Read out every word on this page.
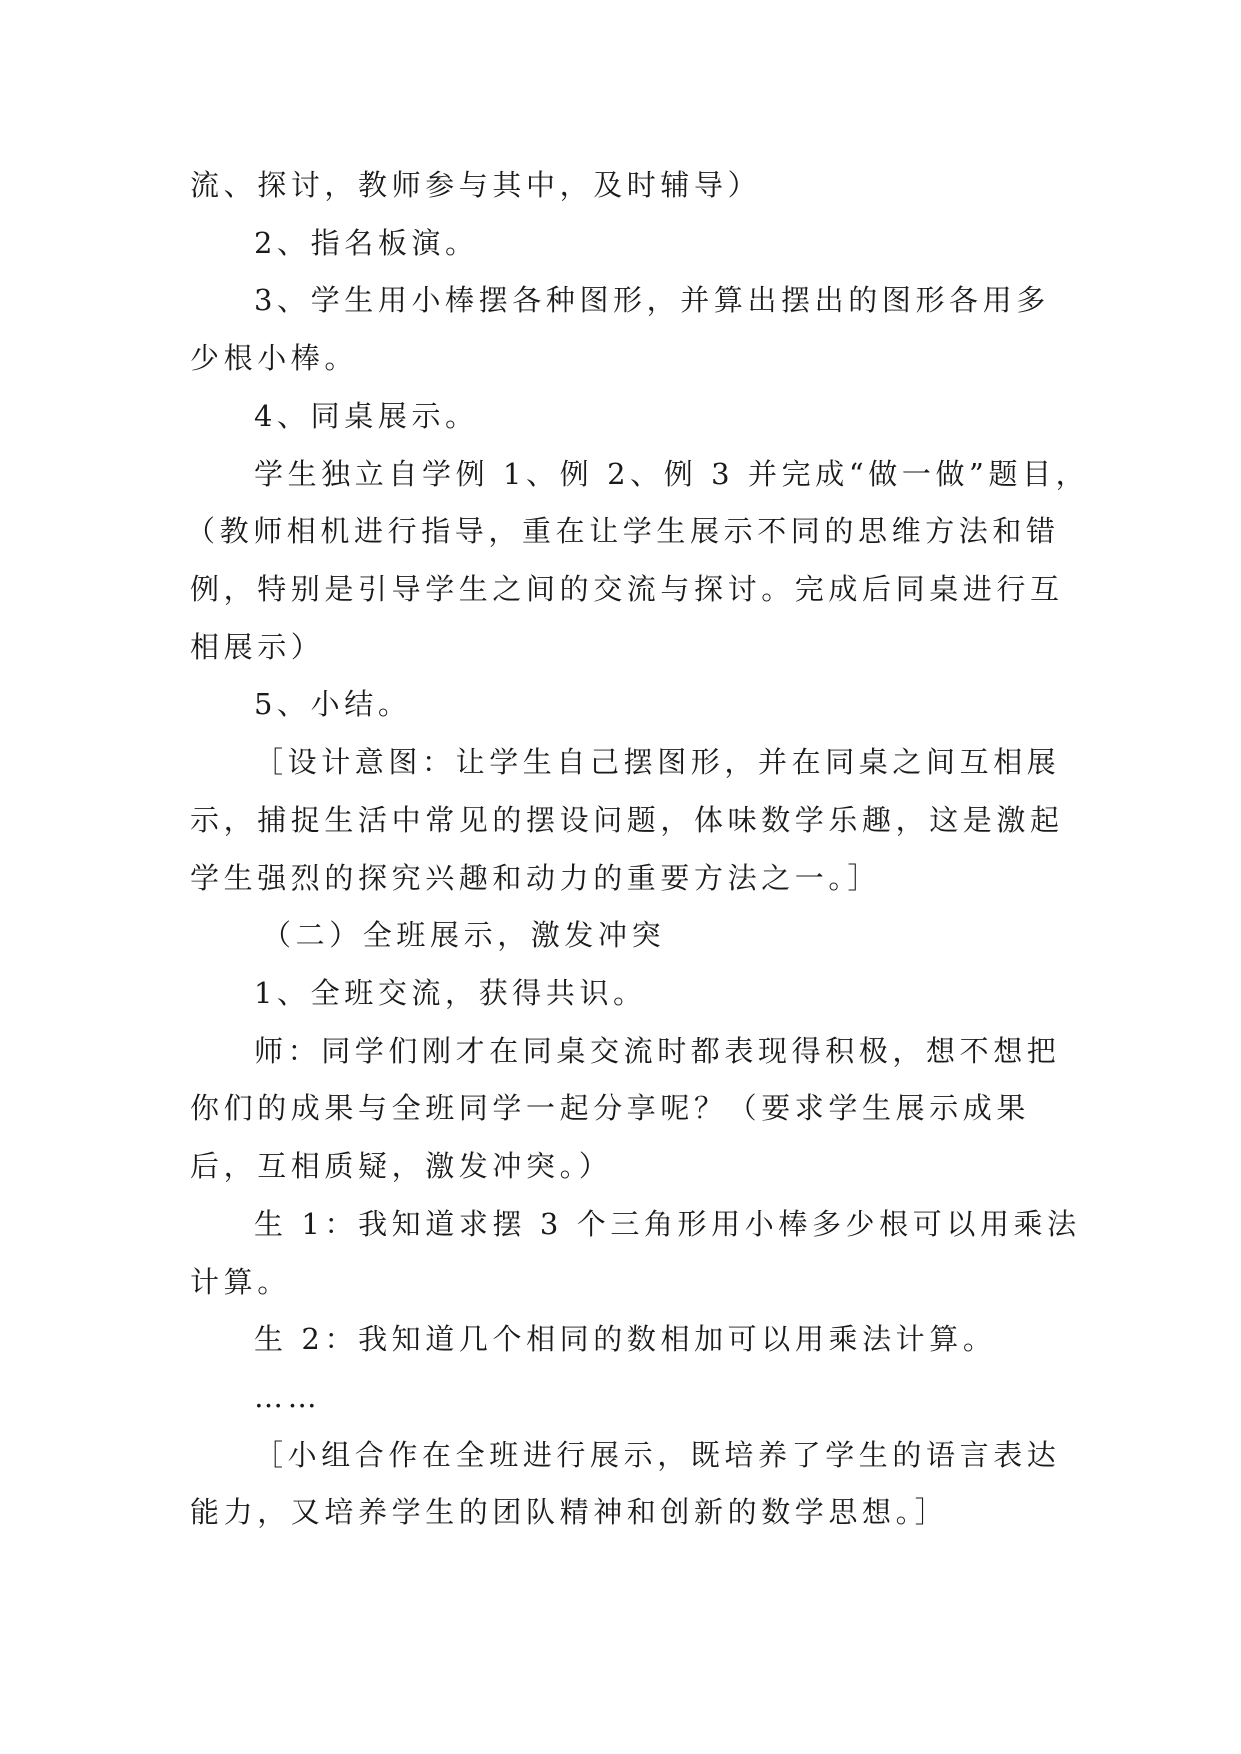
流、探讨，教师参与其中，及时辅导）
2、指名板演。
3、学生用小棒摆各种图形，并算出摆出的图形各用多
少根小棒。
4、同桌展示。
学生独立自学例 1、例 2、例 3 并完成“做一做”题目，
（教师相机进行指导，重在让学生展示不同的思维方法和错
例，特别是引导学生之间的交流与探讨。完成后同桌进行互
相展示）
5、小结。
［设计意图：让学生自己摆图形，并在同桌之间互相展
示，捕捉生活中常见的摆设问题，体味数学乐趣，这是激起
学生强烈的探究兴趣和动力的重要方法之一。］
（二）全班展示，激发冲突
1、全班交流，获得共识。
师：同学们刚才在同桌交流时都表现得积极，想不想把
你们的成果与全班同学一起分享呢？（要求学生展示成果
后，互相质疑，激发冲突。）
生 1：我知道求摆 3 个三角形用小棒多少根可以用乘法
计算。
生 2：我知道几个相同的数相加可以用乘法计算。
……
［小组合作在全班进行展示，既培养了学生的语言表达
能力，又培养学生的团队精神和创新的数学思想。］
